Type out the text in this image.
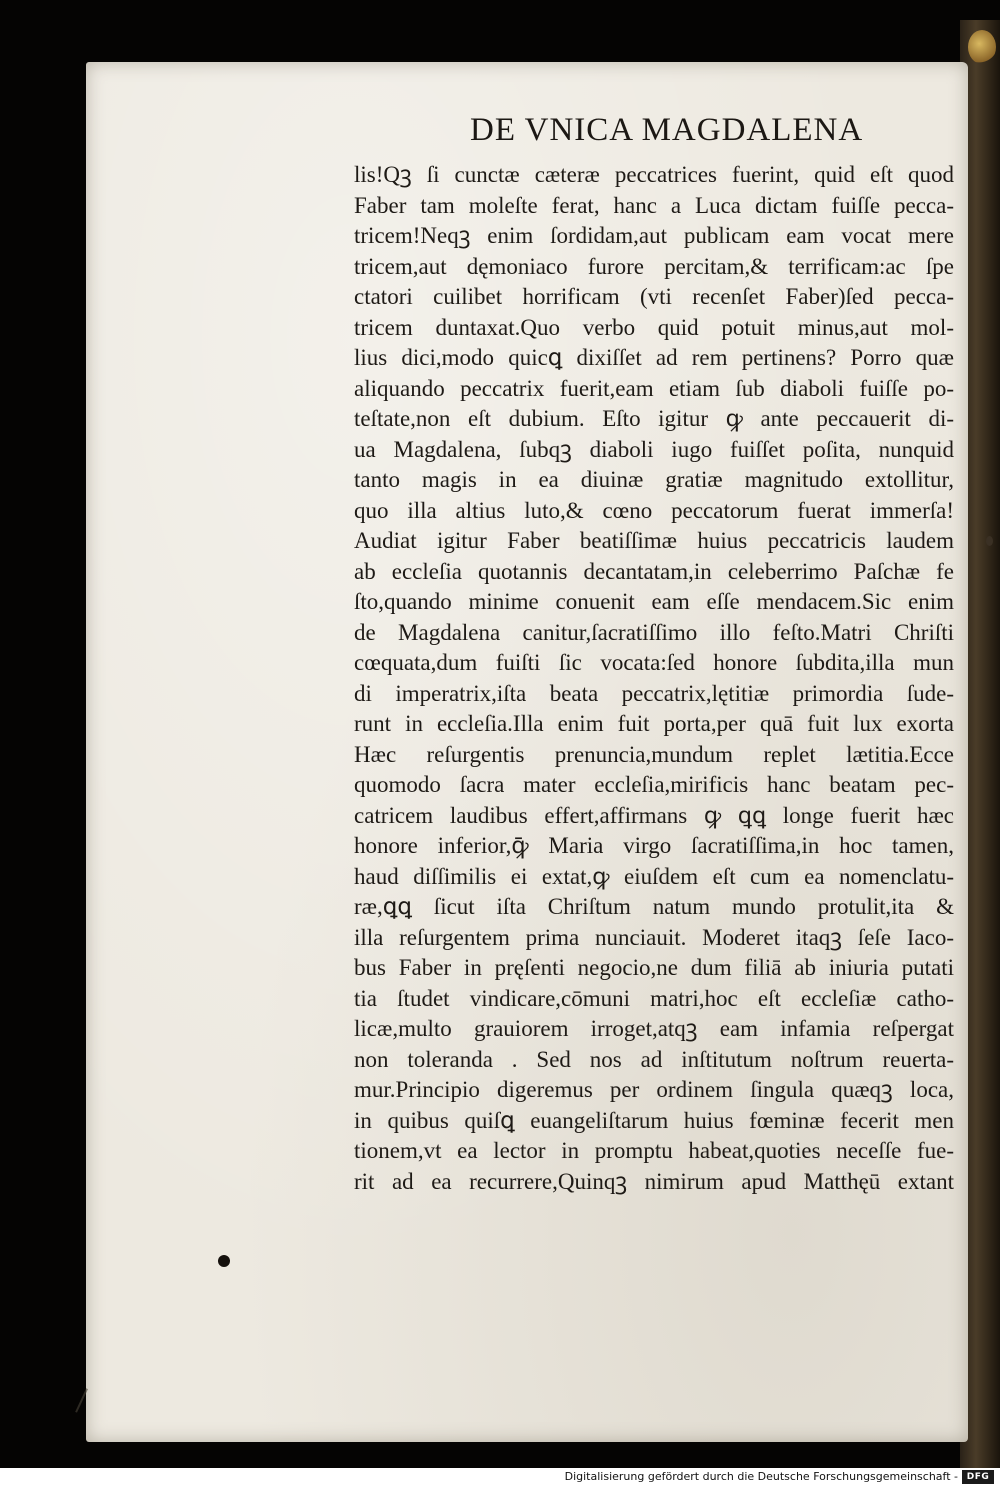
DE VNICA MAGDALENA
lis!Qꝫ ſi cunctæ cæteræ peccatrices fuerint, quid eſt quod
Faber tam moleſte ferat, hanc a Luca dictam fuiſſe pecca-
tricem!Neqꝫ enim ſordidam,aut publicam eam vocat mere
tricem,aut dęmoniaco furore percitam,& terrificam:ac ſpe
ctatori cuilibet horrificam (vti recenſet Faber)ſed pecca-
tricem duntaxat.Quo verbo quid potuit minus,aut mol-
lius dici,modo quicꝗ dixiſſet ad rem pertinens? Porro quæ
aliquando peccatrix fuerit,eam etiam ſub diaboli fuiſſe po-
teſtate,non eſt dubium. Eſto igitur ꝙ ante peccauerit di-
ua Magdalena, ſubqꝫ diaboli iugo fuiſſet poſita, nunquid
tanto magis in ea diuinæ gratiæ magnitudo extollitur,
quo illa altius luto,& cœno peccatorum fuerat immerſa!
Audiat igitur Faber beatiſſimæ huius peccatricis laudem
ab eccleſia quotannis decantatam,in celeberrimo Paſchæ fe
ſto,quando minime conuenit eam eſſe mendacem.Sic enim
de Magdalena canitur,ſacratiſſimo illo feſto.Matri Chriſti
cœquata,dum fuiſti ſic vocata:ſed honore ſubdita,illa mun
di imperatrix,iſta beata peccatrix,lętitiæ primordia ſude-
runt in eccleſia.Illa enim fuit porta,per quā fuit lux exorta
Hæc reſurgentis prenuncia,mundum replet lætitia.Ecce
quomodo ſacra mater eccleſia,mirificis hanc beatam pec-
catricem laudibus effert,affirmans ꝙ ꝗꝗ longe fuerit hæc
honore inferior,ꝙ̄ Maria virgo ſacratiſſima,in hoc tamen,
haud diſſimilis ei extat,ꝙ eiuſdem eſt cum ea nomenclatu-
ræ,ꝗꝗ ſicut iſta Chriſtum natum mundo protulit,ita &
illa reſurgentem prima nunciauit. Moderet itaqꝫ ſeſe Iaco-
bus Faber in pręſenti negocio,ne dum filiā ab iniuria putati
tia ſtudet vindicare,cōmuni matri,hoc eſt eccleſiæ catho-
licæ,multo grauiorem irroget,atqꝫ eam infamia reſpergat
non toleranda . Sed nos ad inſtitutum noſtrum reuerta-
mur.Principio digeremus per ordinem ſingula quæqꝫ loca,
in quibus quiſꝗ euangeliſtarum huius fœminæ fecerit men
tionem,vt ea lector in promptu habeat,quoties neceſſe fue-
rit ad ea recurrere,Quinqꝫ nimirum apud Matthęū extant
Digitalisierung gefördert durch die Deutsche Forschungsgemeinschaft - DFG
